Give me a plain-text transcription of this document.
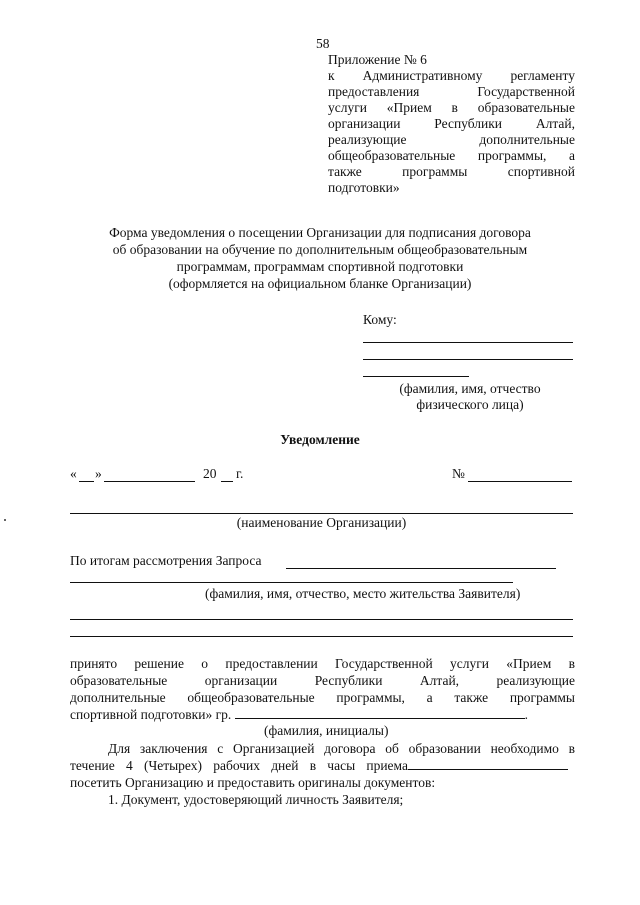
58
Приложение № 6
к Административному регламенту
предоставления Государственной
услуги «Прием в образовательные
организации Республики Алтай,
реализующие дополнительные
общеобразовательные программы, а
также программы спортивной
подготовки»
Форма уведомления о посещении Организации для подписания договора
об образовании на обучение по дополнительным общеобразовательным
программам, программам спортивной подготовки
(оформляется на официальном бланке Организации)
Кому:
(фамилия, имя, отчество
физического лица)
Уведомление
« »	20 г.	№
(наименование Организации)
По итогам рассмотрения Запроса
(фамилия, имя, отчество, место жительства Заявителя)
принято решение о предоставлении Государственной услуги «Прием в
образовательные организации Республики Алтай, реализующие
дополнительные общеобразовательные программы, а также программы
спортивной подготовки» гр.	.
(фамилия, инициалы)
Для заключения с Организацией договора об образовании необходимо в
течение 4 (Четырех) рабочих дней в часы приема
посетить Организацию и предоставить оригиналы документов:
1. Документ, удостоверяющий личность Заявителя;
